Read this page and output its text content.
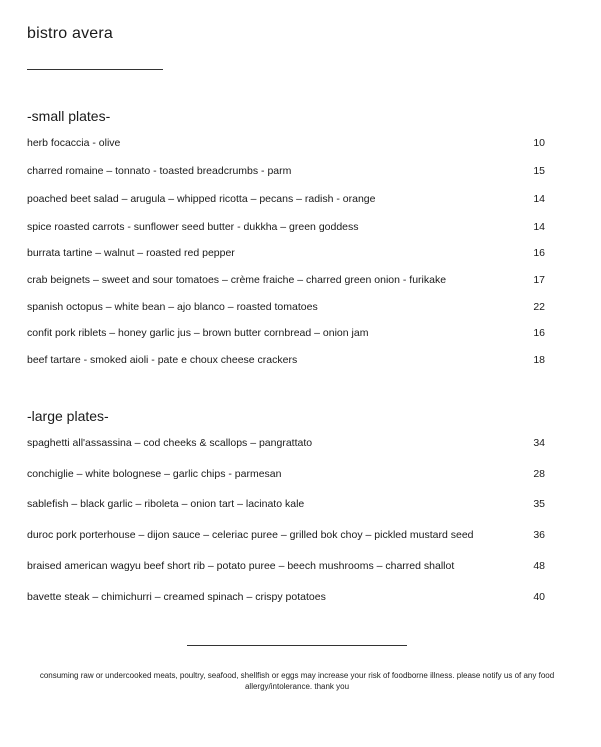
bistro avera
-small plates-
herb focaccia - olive	10
charred romaine – tonnato - toasted breadcrumbs - parm	15
poached beet salad – arugula – whipped ricotta – pecans – radish - orange	14
spice roasted carrots - sunflower seed butter - dukkha – green goddess	14
burrata tartine – walnut – roasted red pepper	16
crab beignets – sweet and sour tomatoes – crème fraiche – charred green onion - furikake	17
spanish octopus – white bean – ajo blanco – roasted tomatoes	22
confit pork riblets – honey garlic jus – brown butter cornbread – onion jam	16
beef tartare - smoked aioli - pate e choux cheese crackers	18
-large plates-
spaghetti all'assassina – cod cheeks & scallops – pangrattato	34
conchiglie – white bolognese – garlic chips - parmesan	28
sablefish – black garlic – riboleta – onion tart – lacinato kale	35
duroc pork porterhouse – dijon sauce – celeriac puree – grilled bok choy – pickled mustard seed	36
braised american wagyu beef short rib – potato puree – beech mushrooms – charred shallot	48
bavette steak – chimichurri – creamed spinach – crispy potatoes	40
consuming raw or undercooked meats, poultry, seafood, shellfish or eggs may increase your risk of foodborne illness. please notify us of any food allergy/intolerance. thank you
